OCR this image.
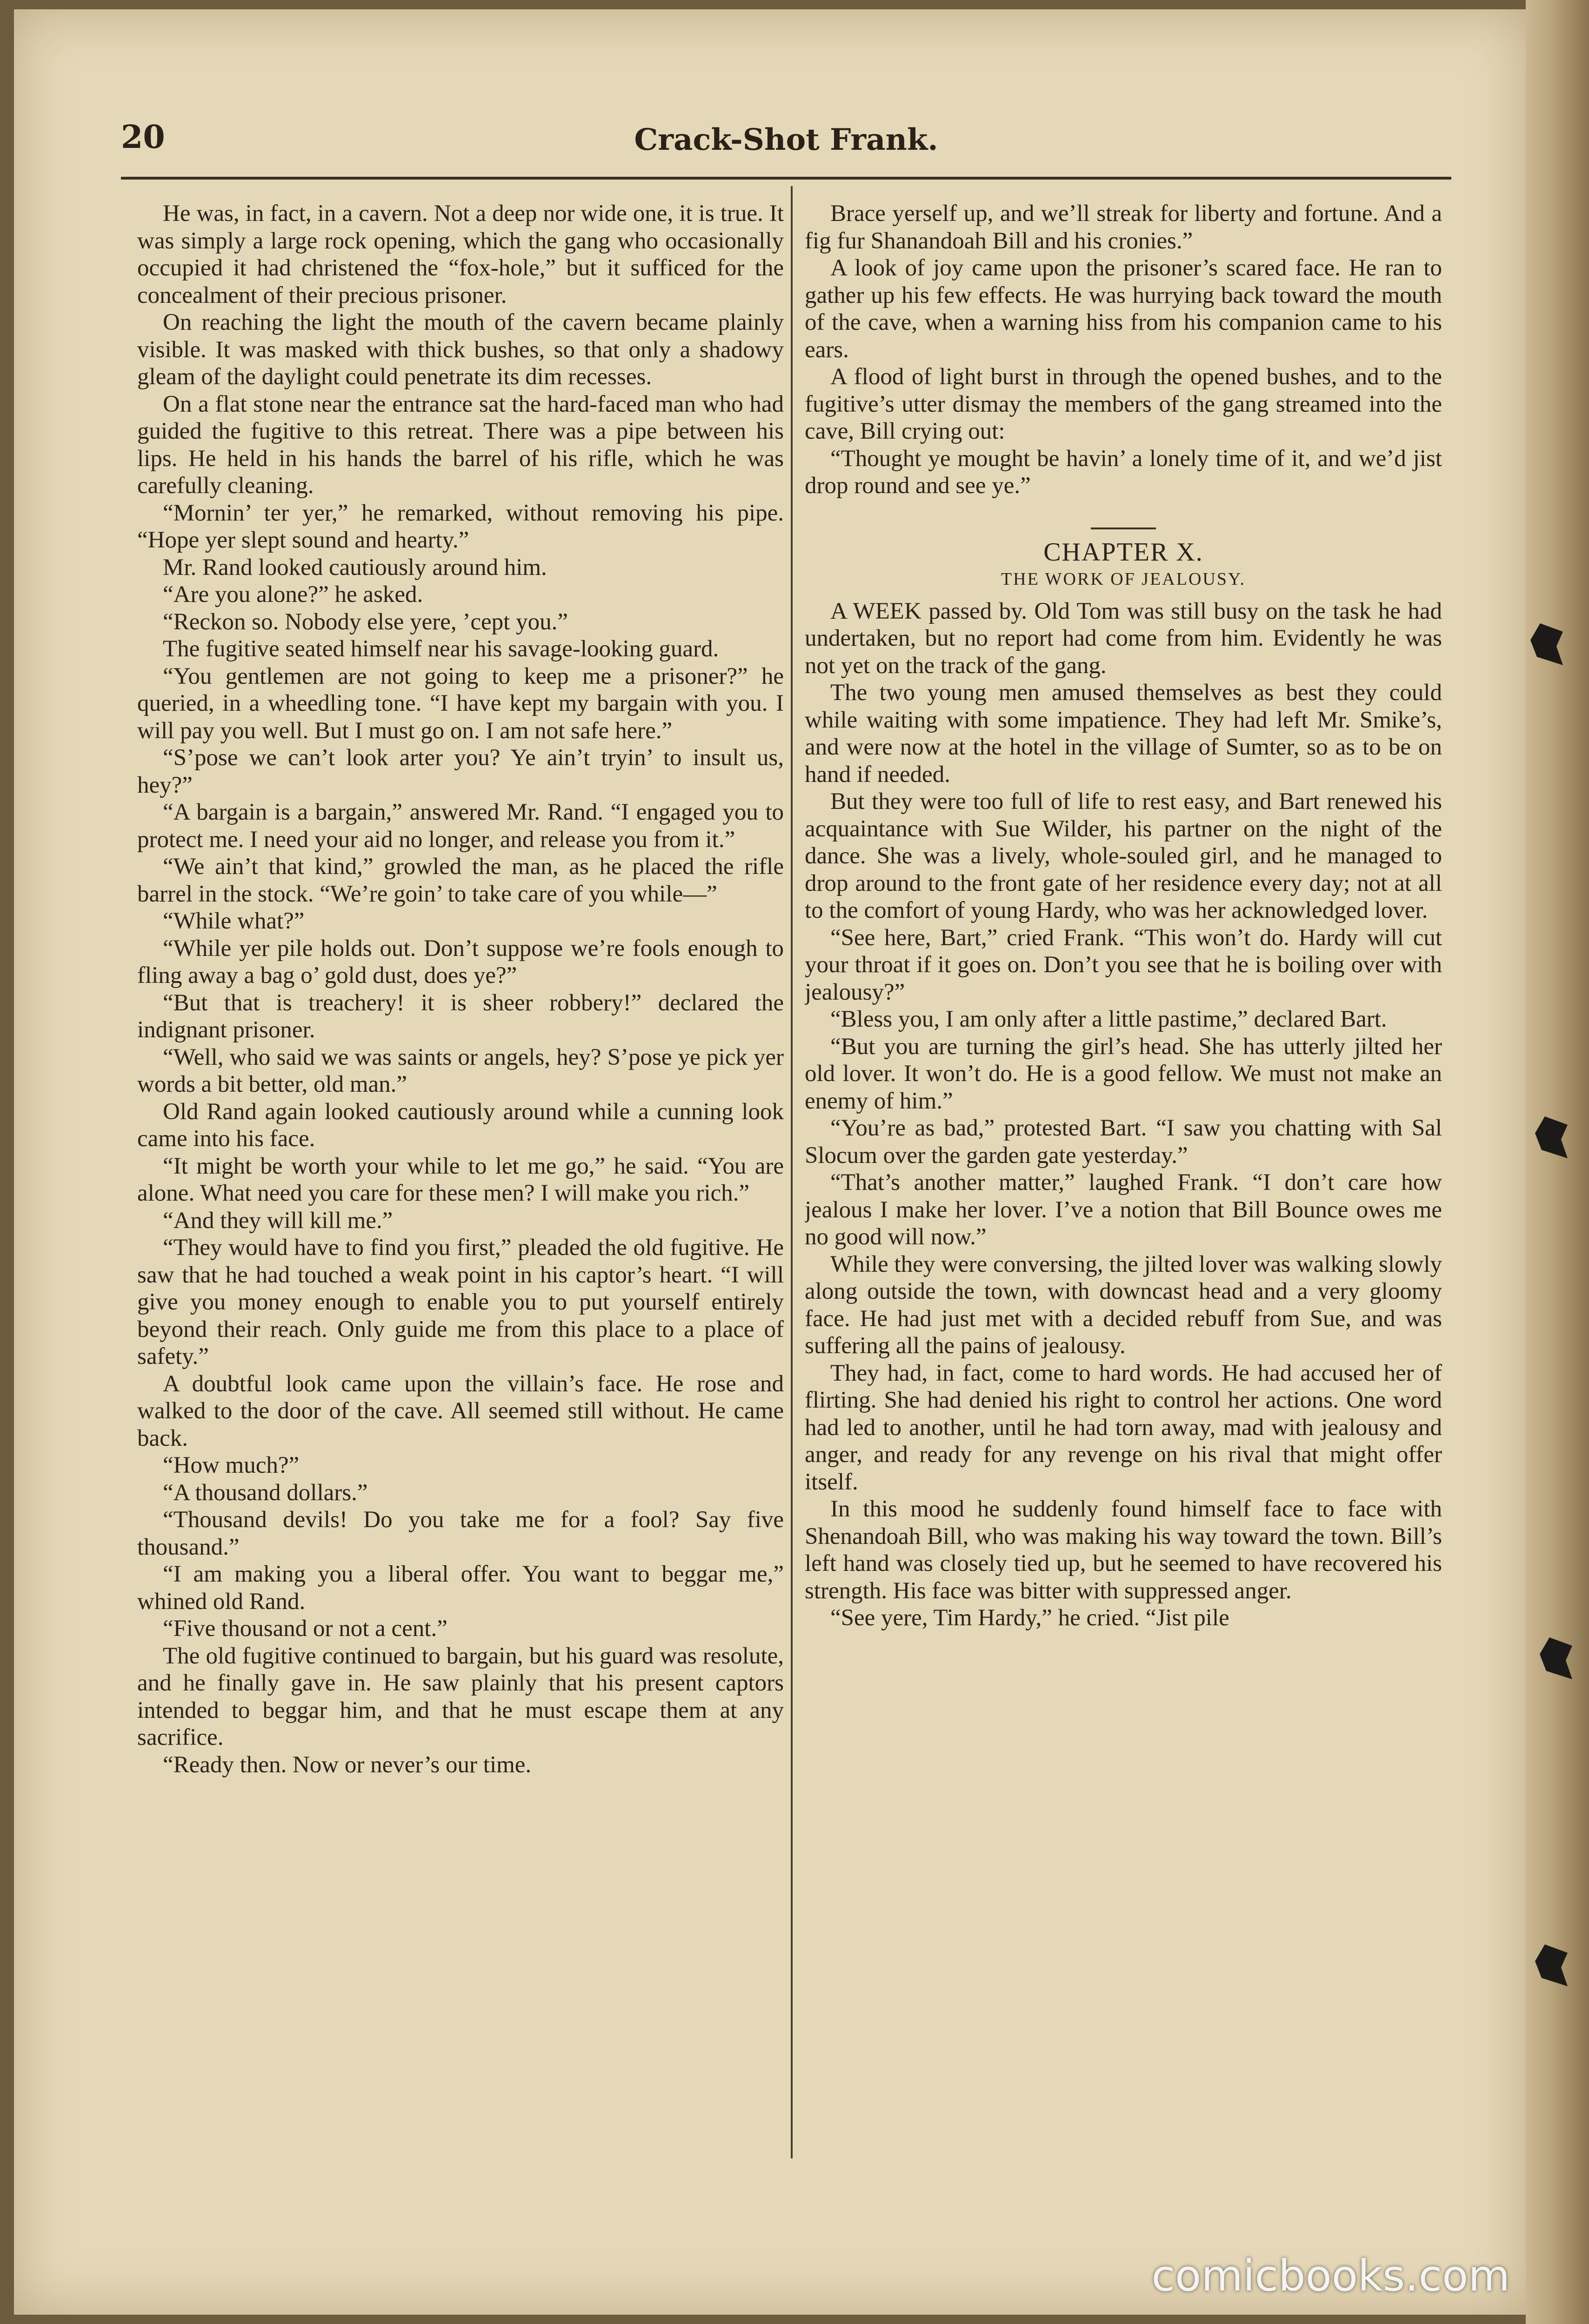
20	Crack-Shot Frank.

He was, in fact, in a cavern. Not a deep nor wide one, it is true. It was simply a large rock opening, which the gang who occasionally occupied it had christened the “fox-hole,” but it sufficed for the concealment of their precious prisoner.

On reaching the light the mouth of the cavern became plainly visible. It was masked with thick bushes, so that only a shadowy gleam of the daylight could penetrate its dim recesses.

On a flat stone near the entrance sat the hard-faced man who had guided the fugitive to this retreat. There was a pipe between his lips. He held in his hands the barrel of his rifle, which he was carefully cleaning.

“Mornin’ ter yer,” he remarked, without removing his pipe. “Hope yer slept sound and hearty.”

Mr. Rand looked cautiously around him.

“Are you alone?” he asked.

“Reckon so. Nobody else yere, ’cept you.”

The fugitive seated himself near his savage-looking guard.

“You gentlemen are not going to keep me a prisoner?” he queried, in a wheedling tone. “I have kept my bargain with you. I will pay you well. But I must go on. I am not safe here.”

“S’pose we can’t look arter you? Ye ain’t tryin’ to insult us, hey?”

“A bargain is a bargain,” answered Mr. Rand. “I engaged you to protect me. I need your aid no longer, and release you from it.”

“We ain’t that kind,” growled the man, as he placed the rifle barrel in the stock. “We’re goin’ to take care of you while—”

“While what?”

“While yer pile holds out. Don’t suppose we’re fools enough to fling away a bag o’ gold dust, does ye?”

“But that is treachery! it is sheer robbery!” declared the indignant prisoner.

“Well, who said we was saints or angels, hey? S’pose ye pick yer words a bit better, old man.”

Old Rand again looked cautiously around while a cunning look came into his face.

“It might be worth your while to let me go,” he said. “You are alone. What need you care for these men? I will make you rich.”

“And they will kill me.”

“They would have to find you first,” pleaded the old fugitive. He saw that he had touched a weak point in his captor’s heart. “I will give you money enough to enable you to put yourself entirely beyond their reach. Only guide me from this place to a place of safety.”

A doubtful look came upon the villain’s face. He rose and walked to the door of the cave. All seemed still without. He came back.

“How much?”

“A thousand dollars.”

“Thousand devils! Do you take me for a fool? Say five thousand.”

“I am making you a liberal offer. You want to beggar me,” whined old Rand.

“Five thousand or not a cent.”

The old fugitive continued to bargain, but his guard was resolute, and he finally gave in. He saw plainly that his present captors intended to beggar him, and that he must escape them at any sacrifice.

“Ready then. Now or never’s our time.

Brace yerself up, and we’ll streak for liberty and fortune. And a fig fur Shanandoah Bill and his cronies.”

A look of joy came upon the prisoner’s scared face. He ran to gather up his few effects. He was hurrying back toward the mouth of the cave, when a warning hiss from his companion came to his ears.

A flood of light burst in through the opened bushes, and to the fugitive’s utter dismay the members of the gang streamed into the cave, Bill crying out:

“Thought ye mought be havin’ a lonely time of it, and we’d jist drop round and see ye.”

CHAPTER X.

THE WORK OF JEALOUSY.

A WEEK passed by. Old Tom was still busy on the task he had undertaken, but no report had come from him. Evidently he was not yet on the track of the gang.

The two young men amused themselves as best they could while waiting with some impatience. They had left Mr. Smike’s, and were now at the hotel in the village of Sumter, so as to be on hand if needed.

But they were too full of life to rest easy, and Bart renewed his acquaintance with Sue Wilder, his partner on the night of the dance. She was a lively, whole-souled girl, and he managed to drop around to the front gate of her residence every day; not at all to the comfort of young Hardy, who was her acknowledged lover.

“See here, Bart,” cried Frank. “This won’t do. Hardy will cut your throat if it goes on. Don’t you see that he is boiling over with jealousy?”

“Bless you, I am only after a little pastime,” declared Bart.

“But you are turning the girl’s head. She has utterly jilted her old lover. It won’t do. He is a good fellow. We must not make an enemy of him.”

“You’re as bad,” protested Bart. “I saw you chatting with Sal Slocum over the garden gate yesterday.”

“That’s another matter,” laughed Frank. “I don’t care how jealous I make her lover. I’ve a notion that Bill Bounce owes me no good will now.”

While they were conversing, the jilted lover was walking slowly along outside the town, with downcast head and a very gloomy face. He had just met with a decided rebuff from Sue, and was suffering all the pains of jealousy.

They had, in fact, come to hard words. He had accused her of flirting. She had denied his right to control her actions. One word had led to another, until he had torn away, mad with jealousy and anger, and ready for any revenge on his rival that might offer itself.

In this mood he suddenly found himself face to face with Shenandoah Bill, who was making his way toward the town. Bill’s left hand was closely tied up, but he seemed to have recovered his strength. His face was bitter with suppressed anger.

“See yere, Tim Hardy,” he cried. “Jist pile

comicbooks.com
